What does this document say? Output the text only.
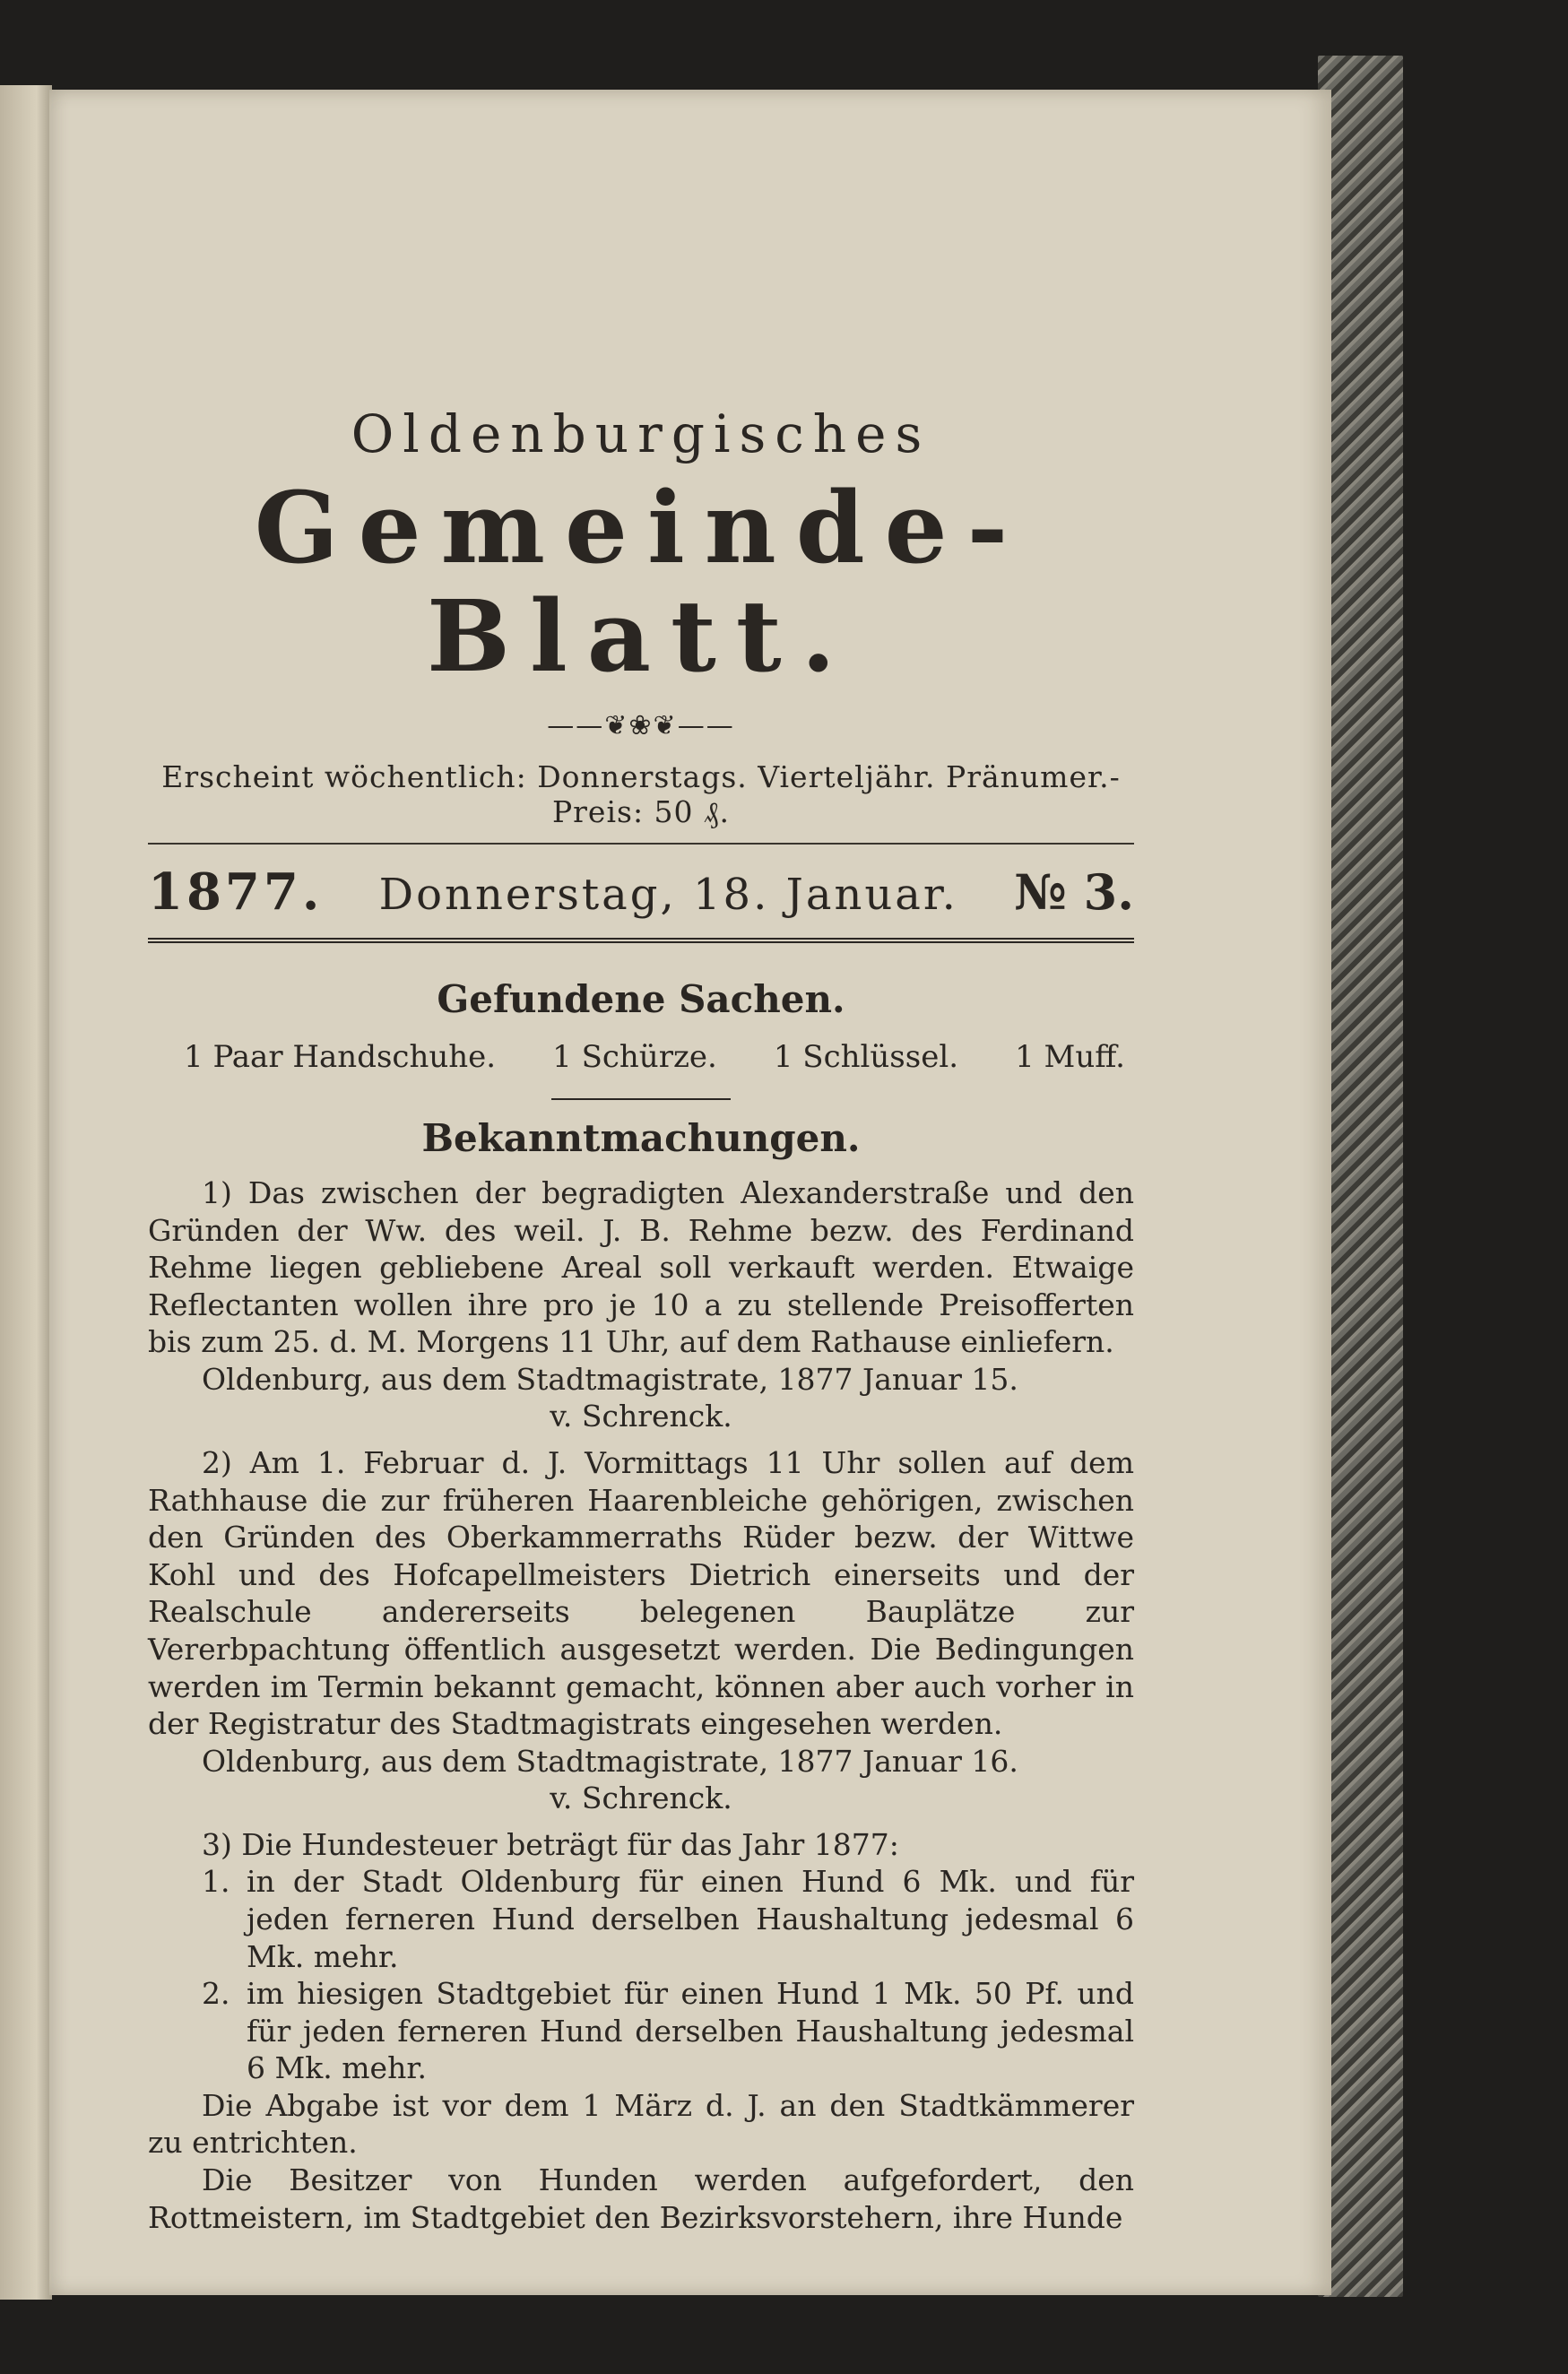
Oldenburgisches
Gemeinde-Blatt.
——❦❀❦——
Erscheint wöchentlich: Donnerstags. Vierteljähr. Pränumer.-Preis: 50 ₰.
1877. Donnerstag, 18. Januar. № 3.
Gefundene Sachen.
1 Paar Handschuhe. 1 Schürze. 1 Schlüssel. 1 Muff.
Bekanntmachungen.

1) Das zwischen der begradigten Alexanderstraße und den Gründen der Ww. des weil. J. B. Rehme bezw. des Ferdinand Rehme liegen gebliebene Areal soll verkauft werden. Etwaige Reflectanten wollen ihre pro je 10 a zu stellende Preisofferten bis zum 25. d. M. Morgens 11 Uhr, auf dem Rathause einliefern.

Oldenburg, aus dem Stadtmagistrate, 1877 Januar 15.
v. Schrenck.

2) Am 1. Februar d. J. Vormittags 11 Uhr sollen auf dem Rathhause die zur früheren Haarenbleiche gehörigen, zwischen den Gründen des Oberkammerraths Rüder bezw. der Wittwe Kohl und des Hofcapellmeisters Dietrich einerseits und der Realschule andererseits belegenen Bauplätze zur Vererbpachtung öffentlich ausgesetzt werden. Die Bedingungen werden im Termin bekannt gemacht, können aber auch vorher in der Registratur des Stadtmagistrats eingesehen werden.

Oldenburg, aus dem Stadtmagistrate, 1877 Januar 16.
v. Schrenck.

3) Die Hundesteuer beträgt für das Jahr 1877:

1. in der Stadt Oldenburg für einen Hund 6 Mk. und für jeden ferneren Hund derselben Haushaltung jedesmal 6 Mk. mehr.
2. im hiesigen Stadtgebiet für einen Hund 1 Mk. 50 Pf. und für jeden ferneren Hund derselben Haushaltung jedesmal 6 Mk. mehr.

Die Abgabe ist vor dem 1 März d. J. an den Stadtkämmerer zu entrichten.

Die Besitzer von Hunden werden aufgefordert, den Rottmeistern, im Stadtgebiet den Bezirksvorstehern, ihre Hunde
